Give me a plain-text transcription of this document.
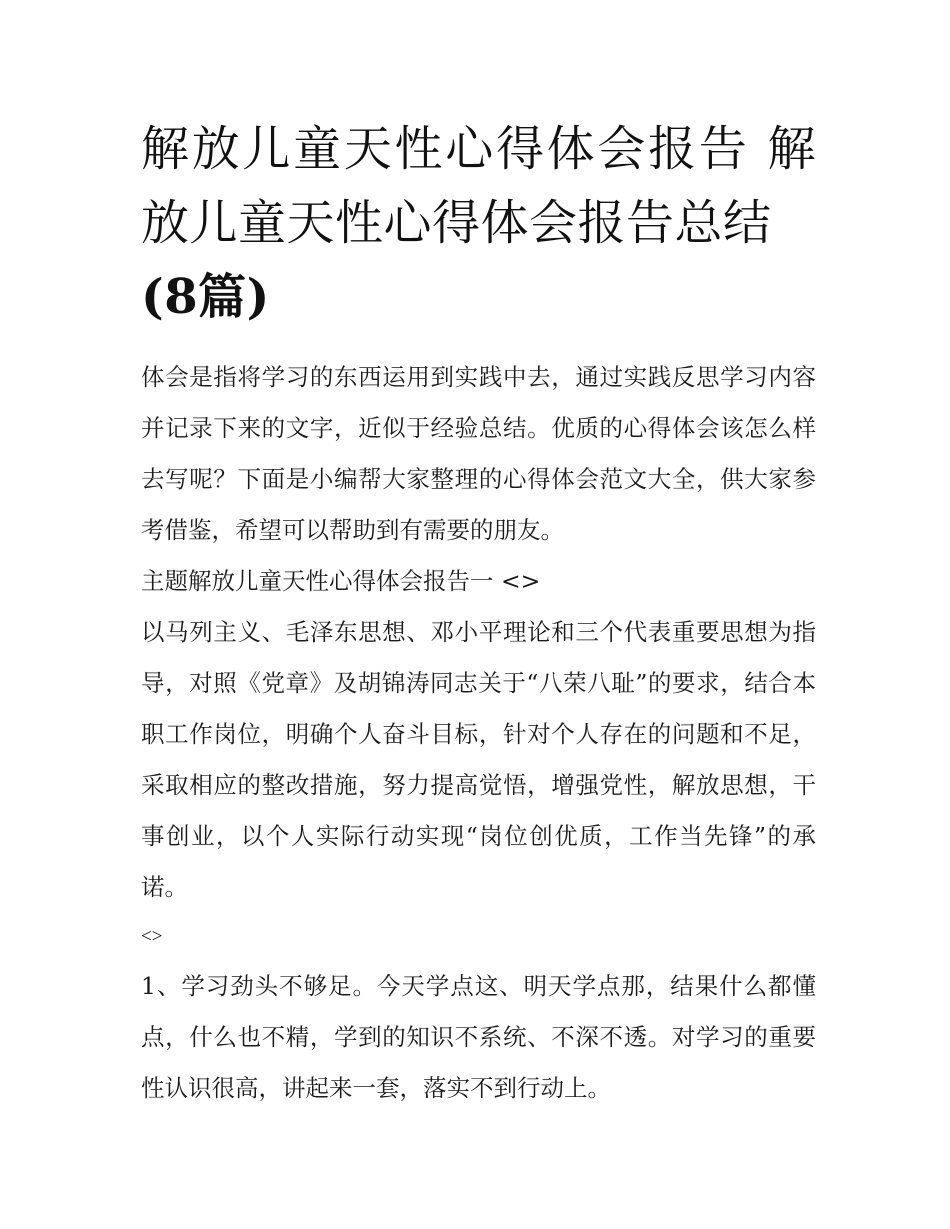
解放儿童天性心得体会报告 解放儿童天性心得体会报告总结
(8篇)

体会是指将学习的东西运用到实践中去，通过实践反思学习内容并记录下来的文字，近似于经验总结。优质的心得体会该怎么样去写呢？下面是小编帮大家整理的心得体会范文大全，供大家参考借鉴，希望可以帮助到有需要的朋友。

主题解放儿童天性心得体会报告一 <>

以马列主义、毛泽东思想、邓小平理论和三个代表重要思想为指导，对照《党章》及胡锦涛同志关于“八荣八耻”的要求，结合本职工作岗位，明确个人奋斗目标，针对个人存在的问题和不足，采取相应的整改措施，努力提高觉悟，增强党性，解放思想，干事创业，以个人实际行动实现“岗位创优质，工作当先锋”的承诺。

<>

1、学习劲头不够足。今天学点这、明天学点那，结果什么都懂点，什么也不精，学到的知识不系统、不深不透。对学习的重要性认识很高，讲起来一套，落实不到行动上。
